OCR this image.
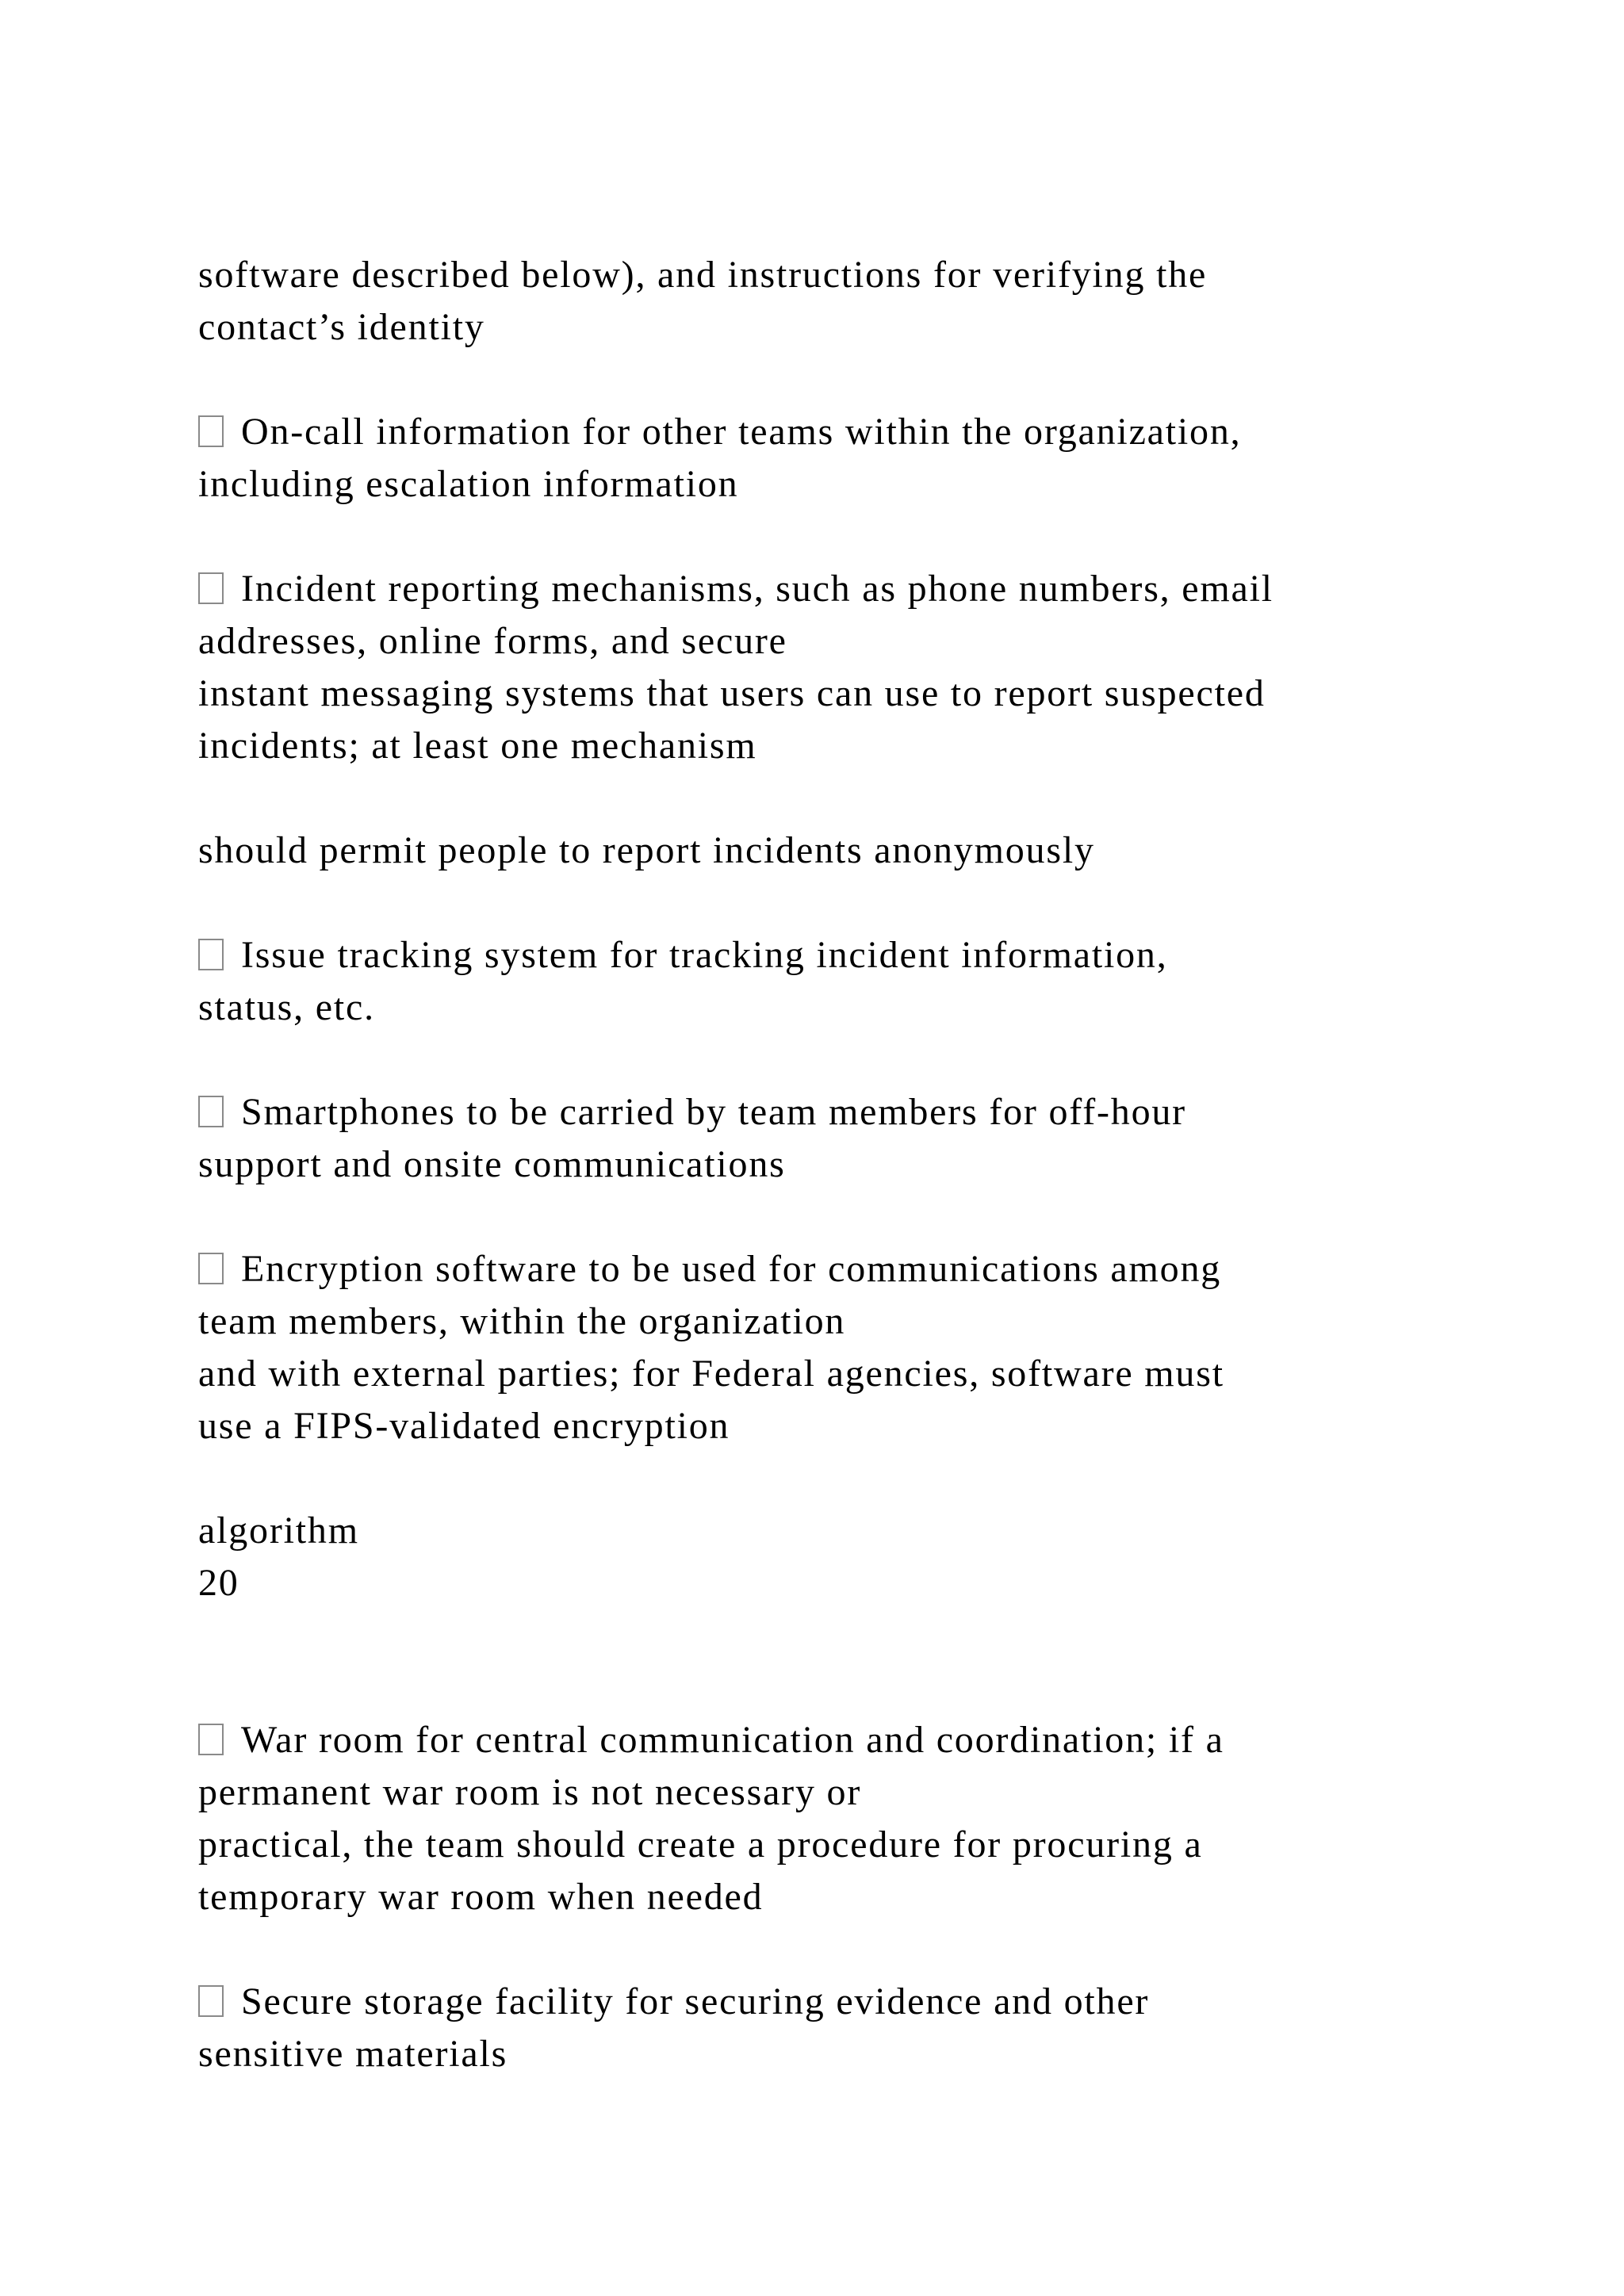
software described below), and instructions for verifying the

contact’s identity

On-call information for other teams within the organization,

including escalation information

Incident reporting mechanisms, such as phone numbers, email

addresses, online forms, and secure

instant messaging systems that users can use to report suspected

incidents; at least one mechanism

should permit people to report incidents anonymously

Issue tracking system for tracking incident information,

status, etc.

Smartphones to be carried by team members for off-hour

support and onsite communications

Encryption software to be used for communications among

team members, within the organization

and with external parties; for Federal agencies, software must

use a FIPS-validated encryption

algorithm

20

War room for central communication and coordination; if a

permanent war room is not necessary or

practical, the team should create a procedure for procuring a

temporary war room when needed

Secure storage facility for securing evidence and other

sensitive materials
